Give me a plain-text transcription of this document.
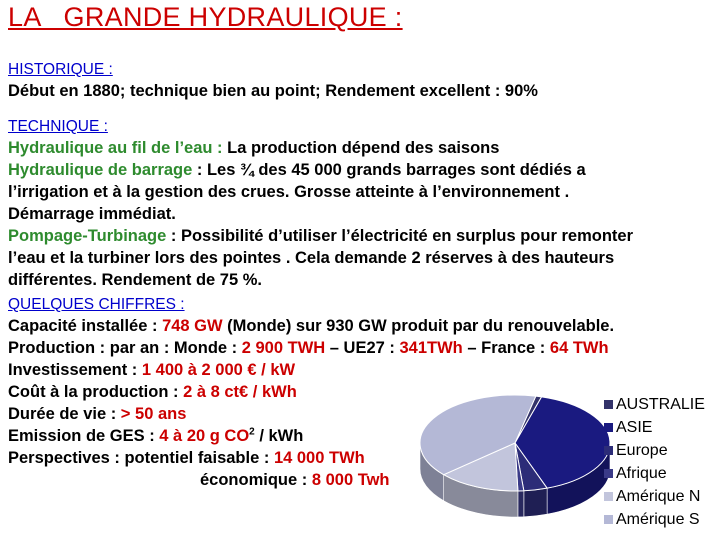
LA   GRANDE HYDRAULIQUE :
HISTORIQUE :
Début en 1880; technique bien au point; Rendement excellent : 90%
TECHNIQUE :
Hydraulique au fil de l’eau : La production dépend des saisons
Hydraulique de barrage : Les ¾ des 45 000 grands barrages sont dédiés a
l’irrigation et à la gestion des crues. Grosse atteinte à l’environnement .
Démarrage immédiat.
Pompage-Turbinage : Possibilité d’utiliser l’électricité en surplus pour remonter
l’eau et la turbiner lors des pointes . Cela demande 2 réserves à des hauteurs
différentes. Rendement de 75 %.
QUELQUES CHIFFRES :
Capacité installée : 748 GW (Monde) sur 930 GW produit par du renouvelable.
Production : par an : Monde : 2 900 TWH – UE27 : 341TWh – France : 64 TWh
Investissement : 1 400 à 2 000 € / kW
Coût à la production : 2 à 8 ct€ / kWh
Durée de vie : > 50 ans
Emission de GES : 4 à 20 g $CO^2$ / kWh
Perspectives : potentiel faisable : 14 000 TWh
économique : 8 000 Twh
AUSTRALIE
ASIE
Europe
Afrique
Amérique N
Amérique S
